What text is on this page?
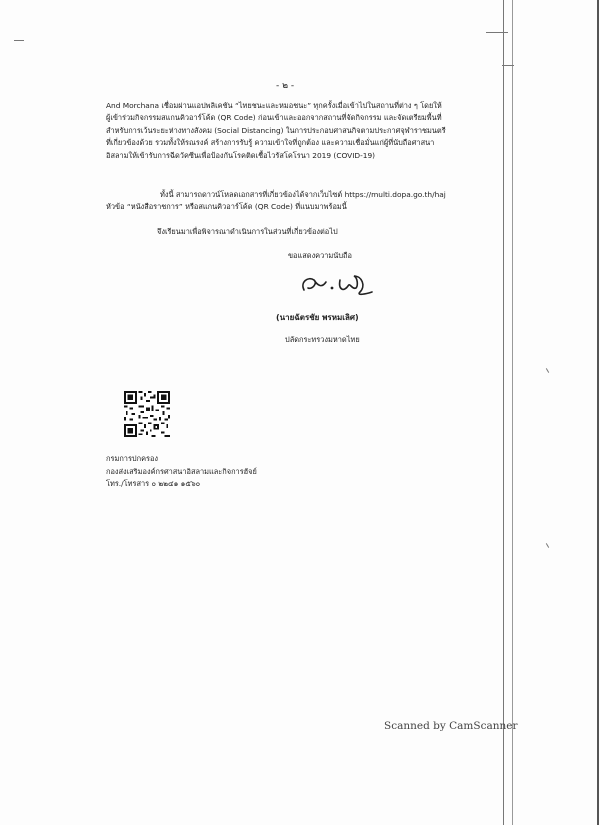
- ๒ -
And Morchana เชื่อมผ่านแอปพลิเคชัน “ไทยชนะและหมอชนะ” ทุกครั้งเมื่อเข้าไปในสถานที่ต่าง ๆ โดยให้
ผู้เข้าร่วมกิจกรรมสแกนคิวอาร์โค้ด (QR Code) ก่อนเข้าและออกจากสถานที่จัดกิจกรรม และจัดเตรียมพื้นที่
สำหรับการเว้นระยะห่างทางสังคม (Social Distancing) ในการประกอบศาสนกิจตามประกาศจุฬาราชมนตรี
ที่เกี่ยวข้องด้วย รวมทั้งให้รณรงค์ สร้างการรับรู้ ความเข้าใจที่ถูกต้อง และความเชื่อมั่นแก่ผู้ที่นับถือศาสนา
อิสลามให้เข้ารับการฉีดวัคซีนเพื่อป้องกันโรคติดเชื้อไวรัสโคโรนา 2019 (COVID-19)
ทั้งนี้ สามารถดาวน์โหลดเอกสารที่เกี่ยวข้องได้จากเว็บไซต์ https://multi.dopa.go.th/haj
หัวข้อ “หนังสือราชการ” หรือสแกนคิวอาร์โค้ด (QR Code) ที่แนบมาพร้อมนี้
จึงเรียนมาเพื่อพิจารณาดำเนินการในส่วนที่เกี่ยวข้องต่อไป
ขอแสดงความนับถือ
(นายฉัตรชัย พรหมเลิศ)
ปลัดกระทรวงมหาดไทย
กรมการปกครอง
กองส่งเสริมองค์กรศาสนาอิสลามและกิจการฮัจย์
โทร./โทรสาร ๐ ๒๒๔๑ ๑๕๖๐
Scanned by CamScanner
